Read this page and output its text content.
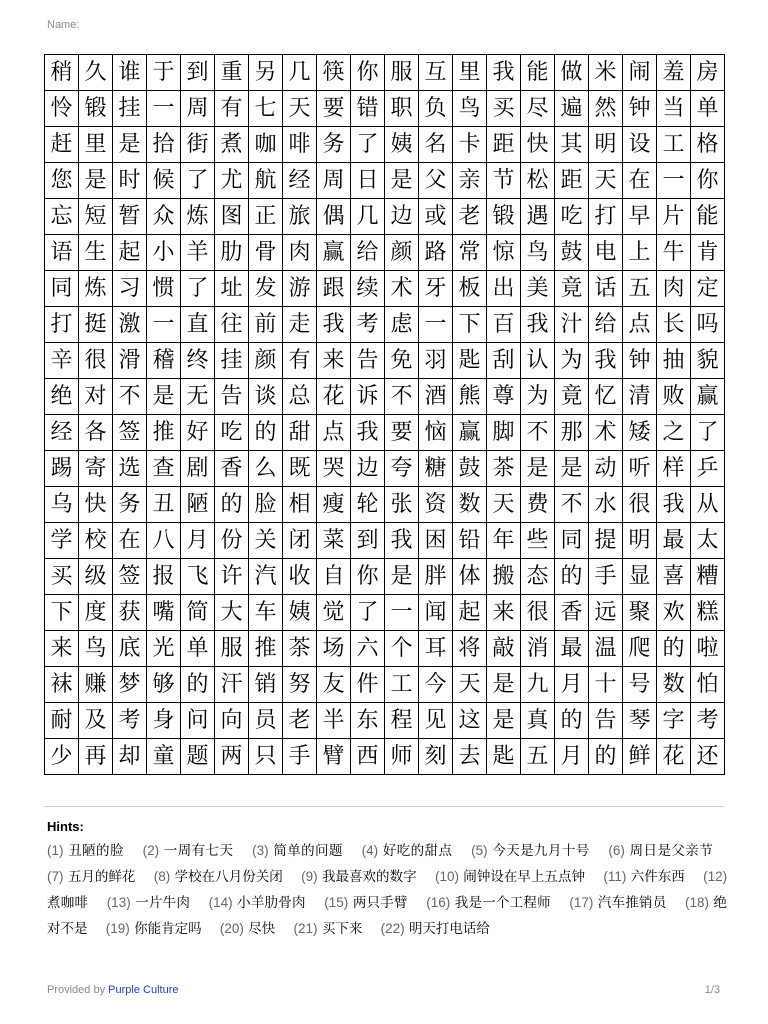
Name:
稍	久	谁	于	到	重	另	几	筷	你	服	互	里	我	能	做	米	闹	羞	房
怜	锻	挂	一	周	有	七	天	要	错	职	负	鸟	买	尽	遍	然	钟	当	单
赶	里	是	拾	街	煮	咖	啡	务	了	姨	名	卡	距	快	其	明	设	工	格
您	是	时	候	了	尤	航	经	周	日	是	父	亲	节	松	距	天	在	一	你
忘	短	暂	众	炼	图	正	旅	偶	几	边	或	老	锻	遇	吃	打	早	片	能
语	生	起	小	羊	肋	骨	肉	赢	给	颜	路	常	惊	鸟	鼓	电	上	牛	肯
同	炼	习	惯	了	址	发	游	跟	续	术	牙	板	出	美	竟	话	五	肉	定
打	挺	激	一	直	往	前	走	我	考	虑	一	下	百	我	汁	给	点	长	吗
辛	很	滑	稽	终	挂	颜	有	来	告	免	羽	匙	刮	认	为	我	钟	抽	貌
绝	对	不	是	无	告	谈	总	花	诉	不	酒	熊	尊	为	竟	忆	清	败	赢
经	各	签	推	好	吃	的	甜	点	我	要	恼	赢	脚	不	那	术	矮	之	了
踢	寄	选	查	剧	香	么	既	哭	边	夸	糖	鼓	茶	是	是	动	听	样	乒
乌	快	务	丑	陋	的	脸	相	瘦	轮	张	资	数	天	费	不	水	很	我	从
学	校	在	八	月	份	关	闭	菜	到	我	困	铅	年	些	同	提	明	最	太
买	级	签	报	飞	许	汽	收	自	你	是	胖	体	搬	态	的	手	显	喜	糟
下	度	获	嘴	简	大	车	姨	觉	了	一	闻	起	来	很	香	远	聚	欢	糕
来	鸟	底	光	单	服	推	茶	场	六	个	耳	将	敲	消	最	温	爬	的	啦
袜	赚	梦	够	的	汗	销	努	友	件	工	今	天	是	九	月	十	号	数	怕
耐	及	考	身	问	向	员	老	半	东	程	见	这	是	真	的	告	琴	字	考
少	再	却	童	题	两	只	手	臂	西	师	刻	去	匙	五	月	的	鲜	花	还
Hints:
(1) 丑陋的脸 (2) 一周有七天 (3) 简单的问题 (4) 好吃的甜点 (5) 今天是九月十号 (6) 周日是父亲节 (7) 五月的鲜花 (8) 学校在八月份关闭 (9) 我最喜欢的数字 (10) 闹钟设在早上五点钟 (11) 六件东西 (12) 煮咖啡 (13) 一片牛肉 (14) 小羊肋骨肉 (15) 两只手臂 (16) 我是一个工程师 (17) 汽车推销员 (18) 绝对不是 (19) 你能肯定吗 (20) 尽快 (21) 买下来 (22) 明天打电话给
Provided by Purple Culture	1/3
